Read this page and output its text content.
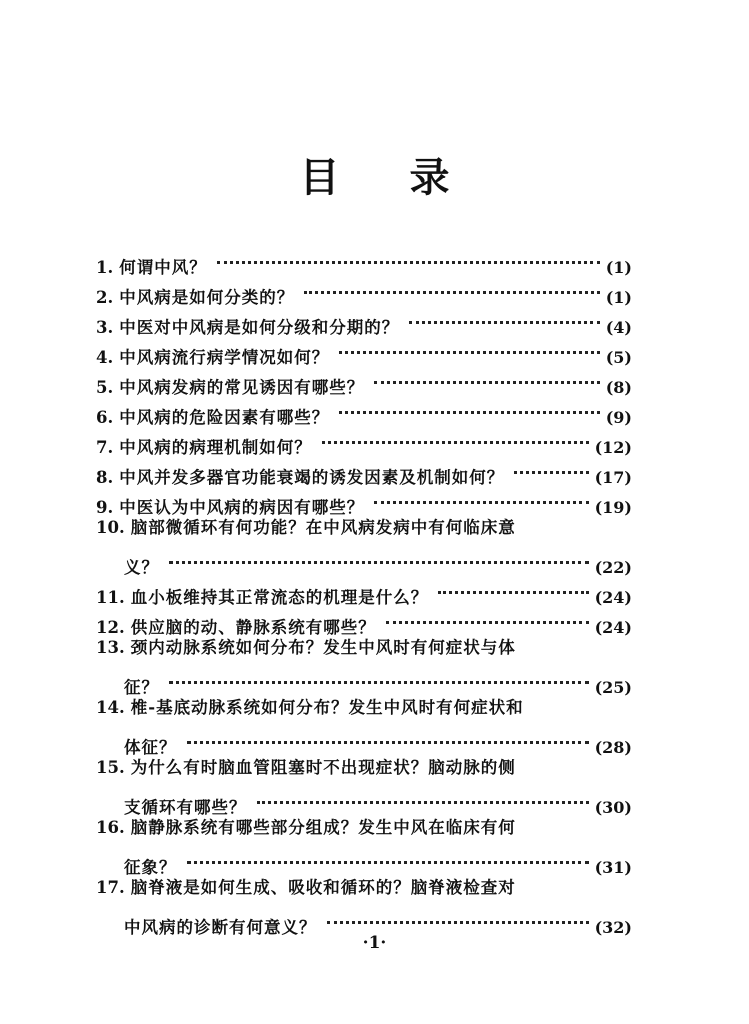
目 录
1. 何谓中风？	(1)
2. 中风病是如何分类的？	(1)
3. 中医对中风病是如何分级和分期的？	(4)
4. 中风病流行病学情况如何？	(5)
5. 中风病发病的常见诱因有哪些？	(8)
6. 中风病的危险因素有哪些？	(9)
7. 中风病的病理机制如何？	(12)
8. 中风并发多器官功能衰竭的诱发因素及机制如何？	(17)
9. 中医认为中风病的病因有哪些？	(19)
10. 脑部微循环有何功能？在中风病发病中有何临床意
义？	(22)
11. 血小板维持其正常流态的机理是什么？	(24)
12. 供应脑的动、静脉系统有哪些？	(24)
13. 颈内动脉系统如何分布？发生中风时有何症状与体
征？	(25)
14. 椎-基底动脉系统如何分布？发生中风时有何症状和
体征？	(28)
15. 为什么有时脑血管阻塞时不出现症状？脑动脉的侧
支循环有哪些？	(30)
16. 脑静脉系统有哪些部分组成？发生中风在临床有何
征象？	(31)
17. 脑脊液是如何生成、吸收和循环的？脑脊液检查对
中风病的诊断有何意义？	(32)
·1·
